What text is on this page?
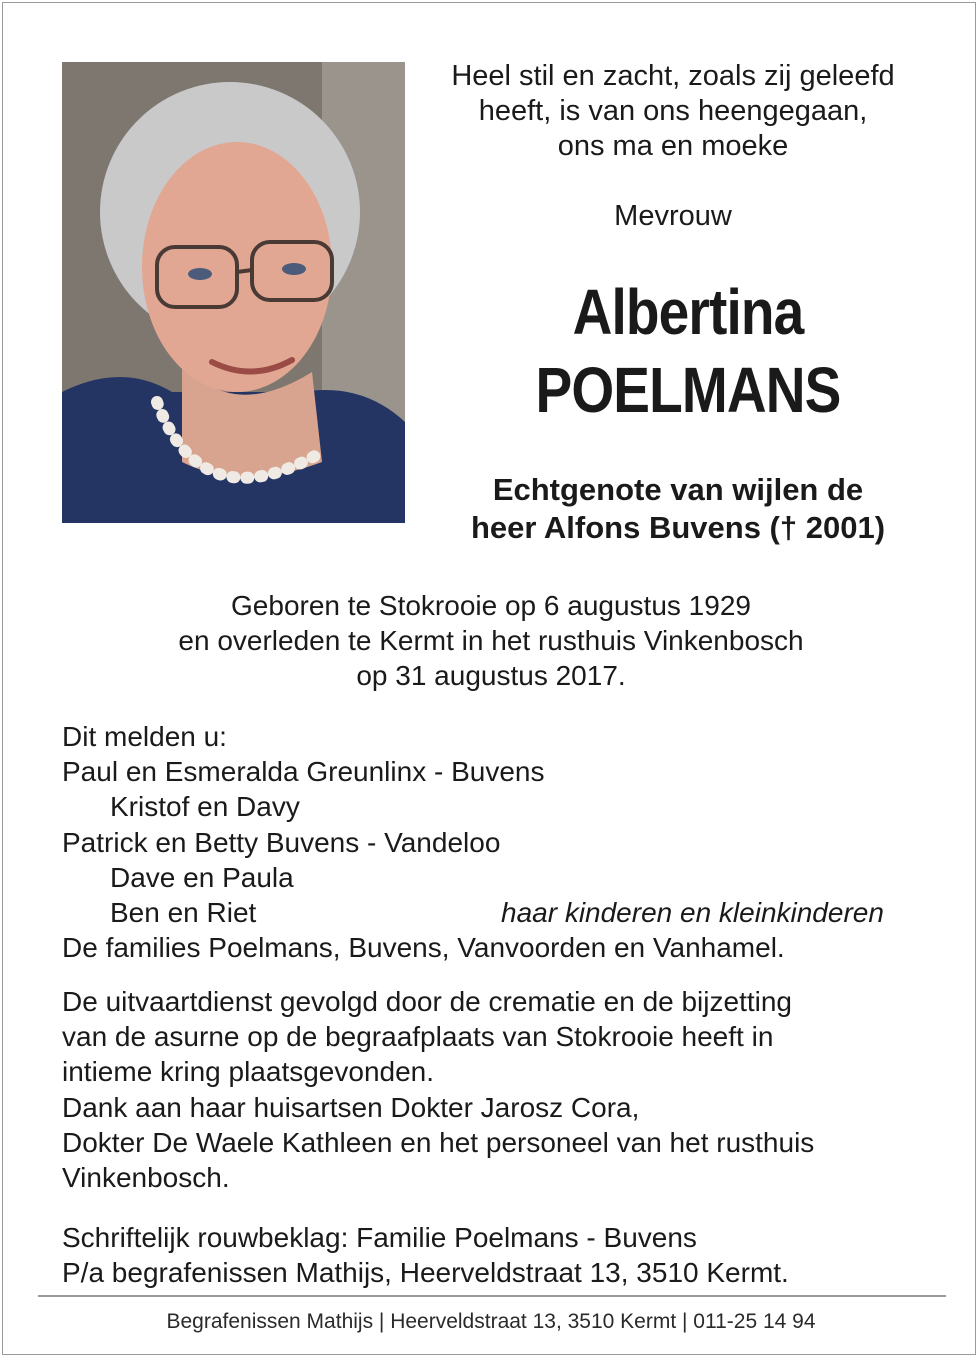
Heel stil en zacht, zoals zij geleefd
heeft, is van ons heengegaan,
ons ma en moeke
Mevrouw
Albertina
POELMANS
Echtgenote van wijlen de
heer Alfons Buvens († 2001)
Geboren te Stokrooie op 6 augustus 1929
en overleden te Kermt in het rusthuis Vinkenbosch
op 31 augustus 2017.
Dit melden u:
Paul en Esmeralda Greunlinx - Buvens
Kristof en Davy
Patrick en Betty Buvens - Vandeloo
Dave en Paula
Ben en Riet	haar kinderen en kleinkinderen
De families Poelmans, Buvens, Vanvoorden en Vanhamel.
De uitvaartdienst gevolgd door de crematie en de bijzetting
van de asurne op de begraafplaats van Stokrooie heeft in
intieme kring plaatsgevonden.
Dank aan haar huisartsen Dokter Jarosz Cora,
Dokter De Waele Kathleen en het personeel van het rusthuis
Vinkenbosch.
Schriftelijk rouwbeklag: Familie Poelmans - Buvens
P/a begrafenissen Mathijs, Heerveldstraat 13, 3510 Kermt.
Begrafenissen Mathijs | Heerveldstraat 13, 3510 Kermt | 011-25 14 94
